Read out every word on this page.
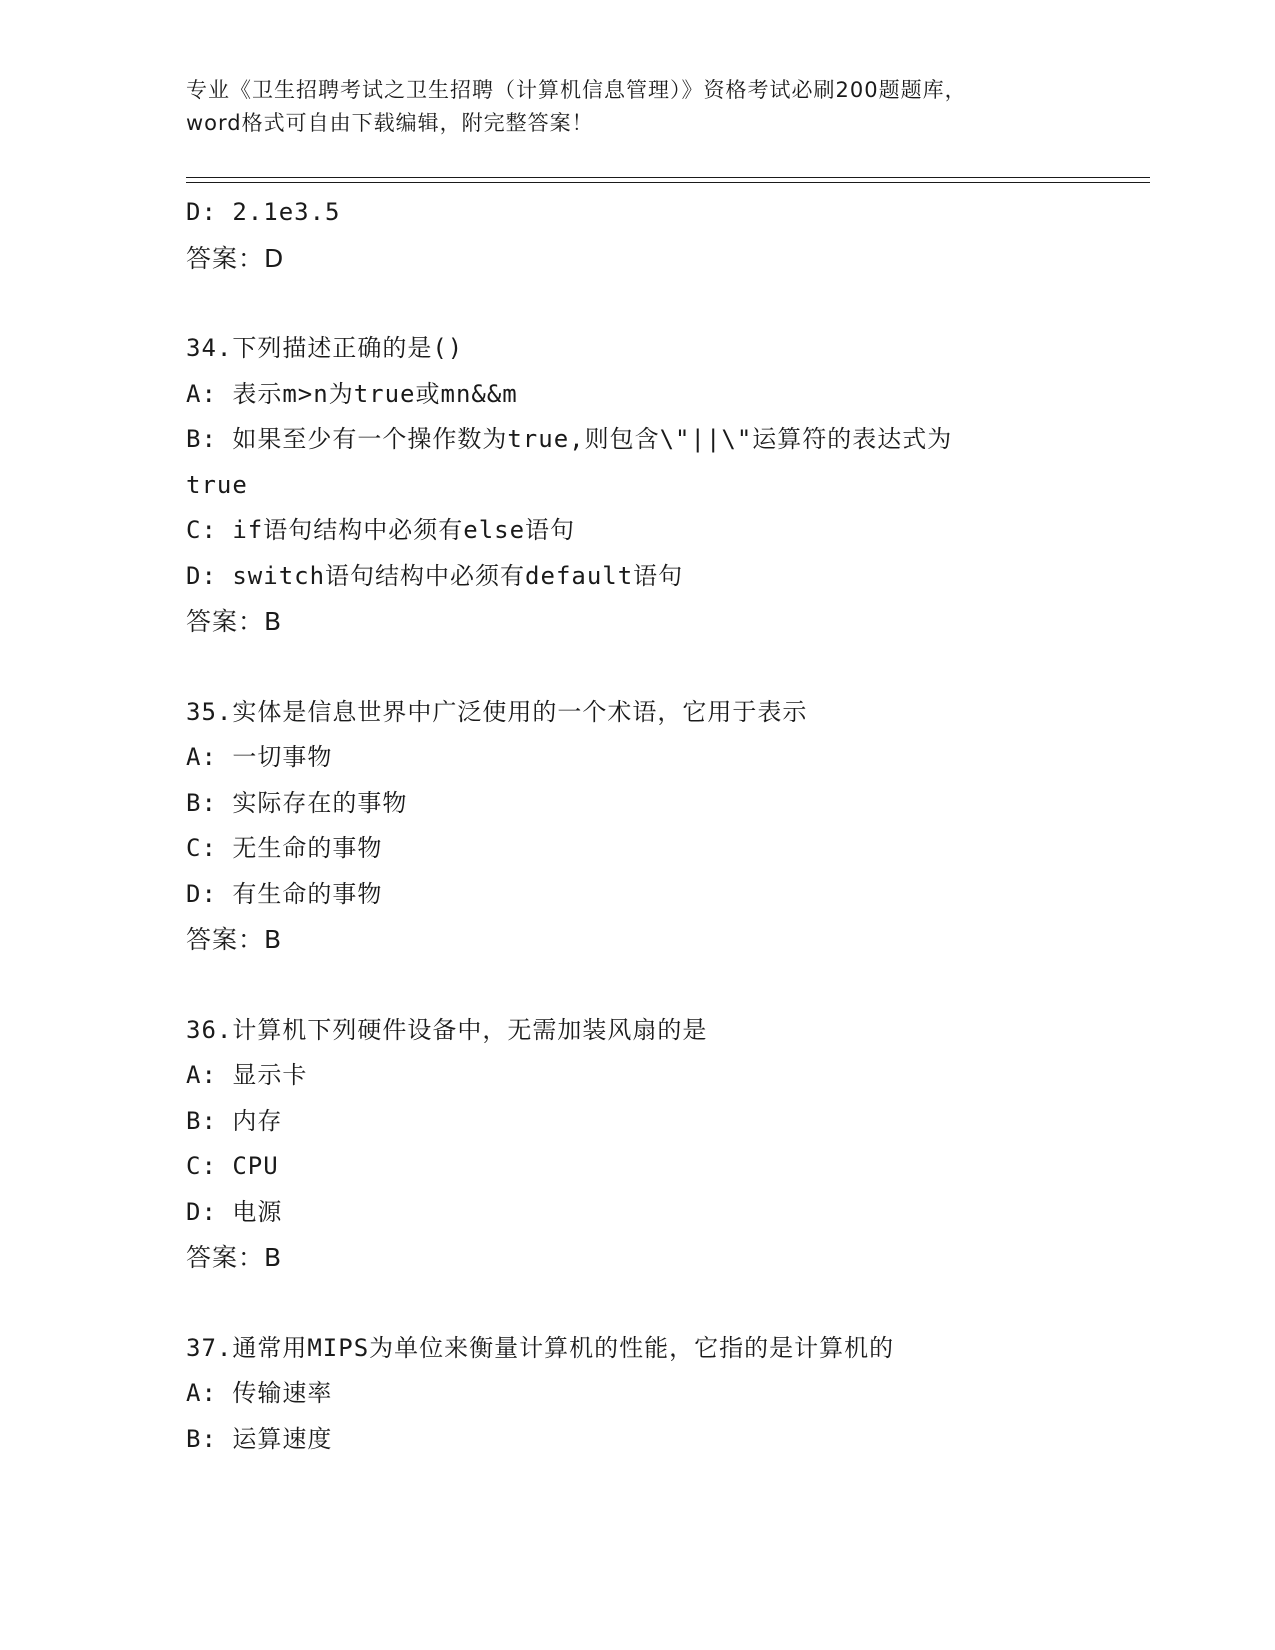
专业《卫生招聘考试之卫生招聘（计算机信息管理）》资格考试必刷200题题库，
word格式可自由下载编辑，附完整答案！
D: 2.1e3.5
答案：D
34.下列描述正确的是()
A: 表示m>n为true或mn&&m
B: 如果至少有一个操作数为true,则包含\"||\"运算符的表达式为
true
C: if语句结构中必须有else语句
D: switch语句结构中必须有default语句
答案：B
35.实体是信息世界中广泛使用的一个术语，它用于表示
A: 一切事物
B: 实际存在的事物
C: 无生命的事物
D: 有生命的事物
答案：B
36.计算机下列硬件设备中，无需加装风扇的是
A: 显示卡
B: 内存
C: CPU
D: 电源
答案：B
37.通常用MIPS为单位来衡量计算机的性能，它指的是计算机的
A: 传输速率
B: 运算速度
